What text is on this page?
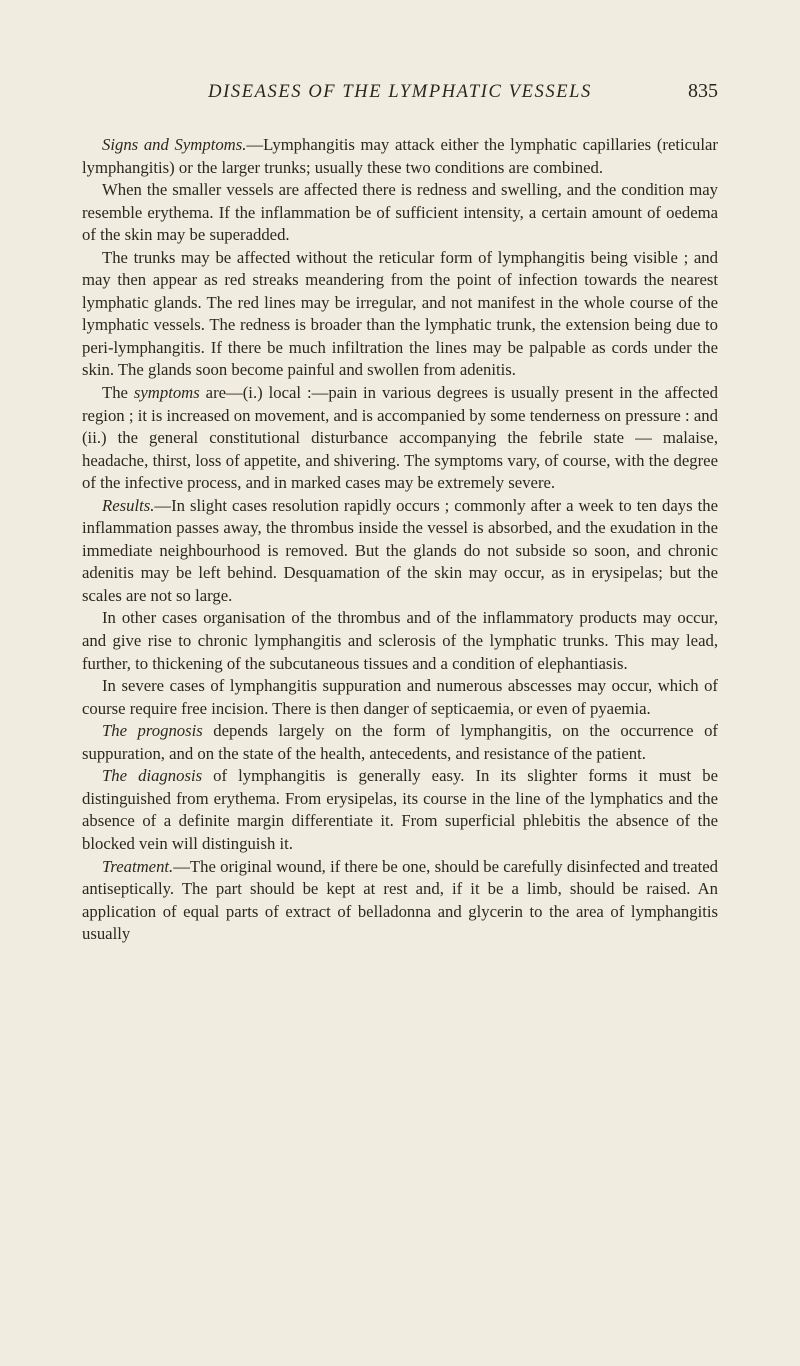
DISEASES OF THE LYMPHATIC VESSELS	835

Signs and Symptoms.—Lymphangitis may attack either the lymphatic capillaries (reticular lymphangitis) or the larger trunks; usually these two conditions are combined.

When the smaller vessels are affected there is redness and swelling, and the condition may resemble erythema. If the inflammation be of sufficient intensity, a certain amount of oedema of the skin may be superadded.

The trunks may be affected without the reticular form of lymphangitis being visible ; and may then appear as red streaks meandering from the point of infection towards the nearest lymphatic glands. The red lines may be irregular, and not manifest in the whole course of the lymphatic vessels. The redness is broader than the lymphatic trunk, the extension being due to peri-lymphangitis. If there be much infiltration the lines may be palpable as cords under the skin. The glands soon become painful and swollen from adenitis.

The symptoms are—(i.) local :—pain in various degrees is usually present in the affected region ; it is increased on movement, and is accompanied by some tenderness on pressure : and (ii.) the general constitutional disturbance accompanying the febrile state — malaise, headache, thirst, loss of appetite, and shivering. The symptoms vary, of course, with the degree of the infective process, and in marked cases may be extremely severe.

Results.—In slight cases resolution rapidly occurs ; commonly after a week to ten days the inflammation passes away, the thrombus inside the vessel is absorbed, and the exudation in the immediate neighbourhood is removed. But the glands do not subside so soon, and chronic adenitis may be left behind. Desquamation of the skin may occur, as in erysipelas; but the scales are not so large.

In other cases organisation of the thrombus and of the inflammatory products may occur, and give rise to chronic lymphangitis and sclerosis of the lymphatic trunks. This may lead, further, to thickening of the subcutaneous tissues and a condition of elephantiasis.

In severe cases of lymphangitis suppuration and numerous abscesses may occur, which of course require free incision. There is then danger of septicaemia, or even of pyaemia.

The prognosis depends largely on the form of lymphangitis, on the occurrence of suppuration, and on the state of the health, antecedents, and resistance of the patient.

The diagnosis of lymphangitis is generally easy. In its slighter forms it must be distinguished from erythema. From erysipelas, its course in the line of the lymphatics and the absence of a definite margin differentiate it. From superficial phlebitis the absence of the blocked vein will distinguish it.

Treatment.—The original wound, if there be one, should be carefully disinfected and treated antiseptically. The part should be kept at rest and, if it be a limb, should be raised. An application of equal parts of extract of belladonna and glycerin to the area of lymphangitis usually
